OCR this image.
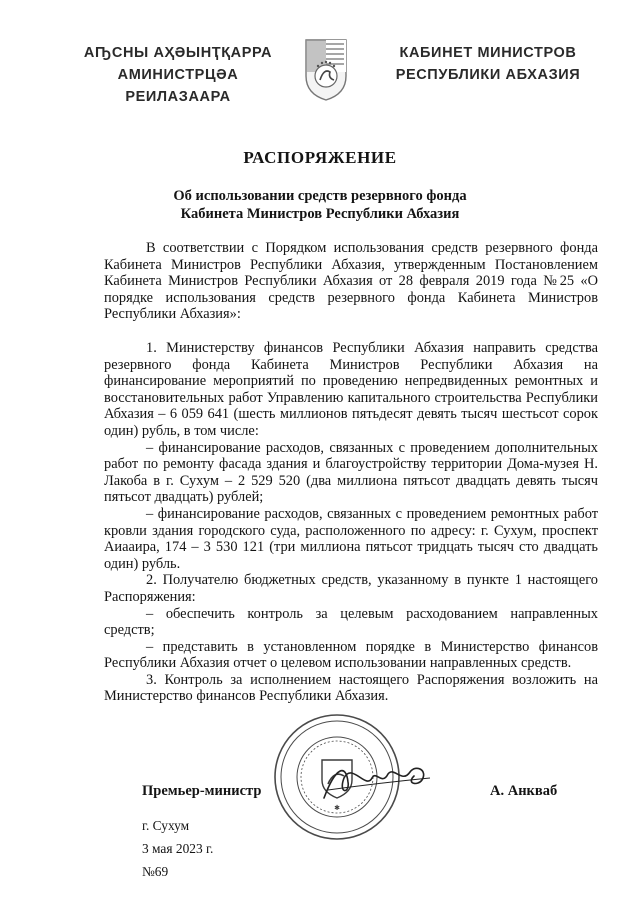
АҦСНЫ АҲӘЫНҬҚАРРА
АМИНИСТРЦӘА РЕИЛАЗААРА
КАБИНЕТ МИНИСТРОВ
РЕСПУБЛИКИ АБХАЗИЯ
РАСПОРЯЖЕНИЕ
Об использовании средств резервного фонда
Кабинета Министров Республики Абхазия

В соответствии с Порядком использования средств резервного фонда Кабинета Министров Республики Абхазия, утвержденным Постановлением Кабинета Министров Республики Абхазия от 28 февраля 2019 года №25 «О порядке использования средств резервного фонда Кабинета Министров Республики Абхазия»:

1. Министерству финансов Республики Абхазия направить средства резервного фонда Кабинета Министров Республики Абхазия на финансирование мероприятий по проведению непредвиденных ремонтных и восстановительных работ Управлению капитального строительства Республики Абхазия – 6 059 641 (шесть миллионов пятьдесят девять тысяч шестьсот сорок один) рубль, в том числе:

– финансирование расходов, связанных с проведением дополнительных работ по ремонту фасада здания и благоустройству территории Дома-музея Н. Лакоба в г. Сухум – 2 529 520 (два миллиона пятьсот двадцать девять тысяч пятьсот двадцать) рублей;

– финансирование расходов, связанных с проведением ремонтных работ кровли здания городского суда, расположенного по адресу: г. Сухум, проспект Аиааира, 174 – 3 530 121 (три миллиона пятьсот тридцать тысяч сто двадцать один) рубль.

2. Получателю бюджетных средств, указанному в пункте 1 настоящего Распоряжения:

– обеспечить контроль за целевым расходованием направленных средств;

– представить в установленном порядке в Министерство финансов Республики Абхазия отчет о целевом использовании направленных средств.

3. Контроль за исполнением настоящего Распоряжения возложить на Министерство финансов Республики Абхазия.

✱
Премьер-министр	А. Анкваб
г. Сухум
3 мая 2023 г.
№69
